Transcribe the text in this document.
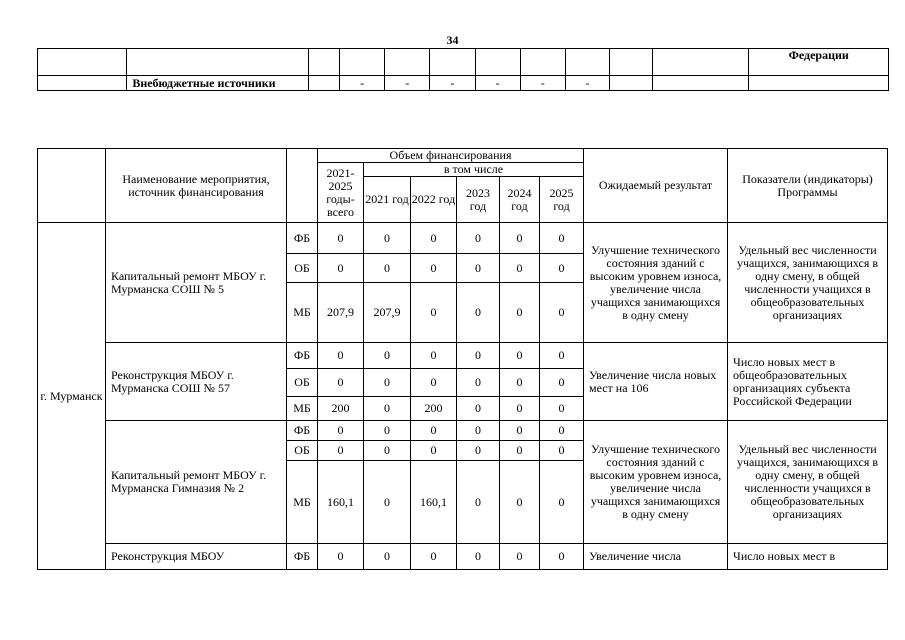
34
											Федерации
	Внебюджетные источники		-	-	-	-	-	-			
	Наименование мероприятия, источник финансирования		Объем финансирования						Ожидаемый результат	Показатели (индикаторы) Программы
			2021-2025 годы-всего	в том числе						
				2021 год	2022 год	2023 год	2024 год	2025 год		
г. Мурманск	Капитальный ремонт МБОУ г. Мурманска СОШ № 5	ФБ	0	0	0	0	0	0	Улучшение технического состояния зданий с высоким уровнем износа, увеличение числа учащихся занимающихся в одну смену	Удельный вес численности учащихся, занимающихся в одну смену, в общей численности учащихся в общеобразовательных организациях
		ОБ	0	0	0	0	0	0		
		МБ	207,9	207,9	0	0	0	0		
	Реконструкция МБОУ г. Мурманска СОШ № 57	ФБ	0	0	0	0	0	0	Увеличение числа новых мест на 106	Число новых мест в общеобразовательных организациях субъекта Российской Федерации
		ОБ	0	0	0	0	0	0		
		МБ	200	0	200	0	0	0		
	Капитальный ремонт МБОУ г. Мурманска Гимназия № 2	ФБ	0	0	0	0	0	0	Улучшение технического состояния зданий с высоким уровнем износа, увеличение числа учащихся занимающихся в одну смену	Удельный вес численности учащихся, занимающихся в одну смену, в общей численности учащихся в общеобразовательных организациях
		ОБ	0	0	0	0	0	0		
		МБ	160,1	0	160,1	0	0	0		
	Реконструкция МБОУ	ФБ	0	0	0	0	0	0	Увеличение числа	Число новых мест в
